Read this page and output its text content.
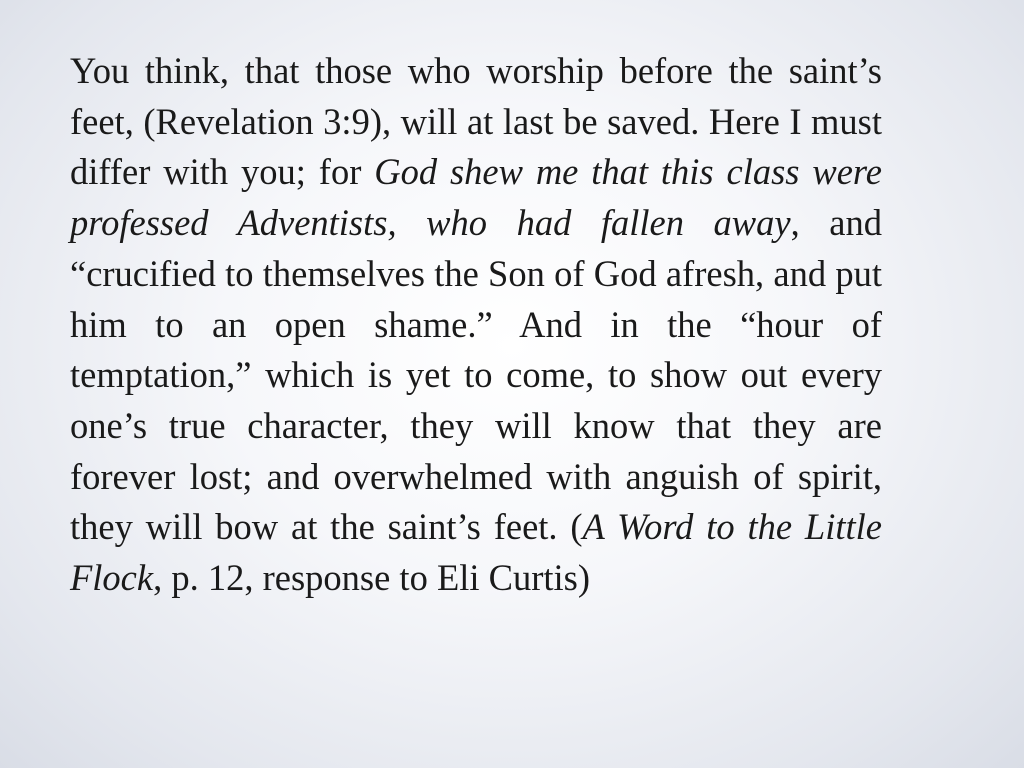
You think, that those who worship before the saint’s feet, (Revelation 3:9), will at last be saved. Here I must differ with you; for God shew me that this class were professed Adventists, who had fallen away, and “crucified to themselves the Son of God afresh, and put him to an open shame.” And in the “hour of temptation,” which is yet to come, to show out every one’s true character, they will know that they are forever lost; and overwhelmed with anguish of spirit, they will bow at the saint’s feet. (A Word to the Little Flock, p. 12, response to Eli Curtis)
